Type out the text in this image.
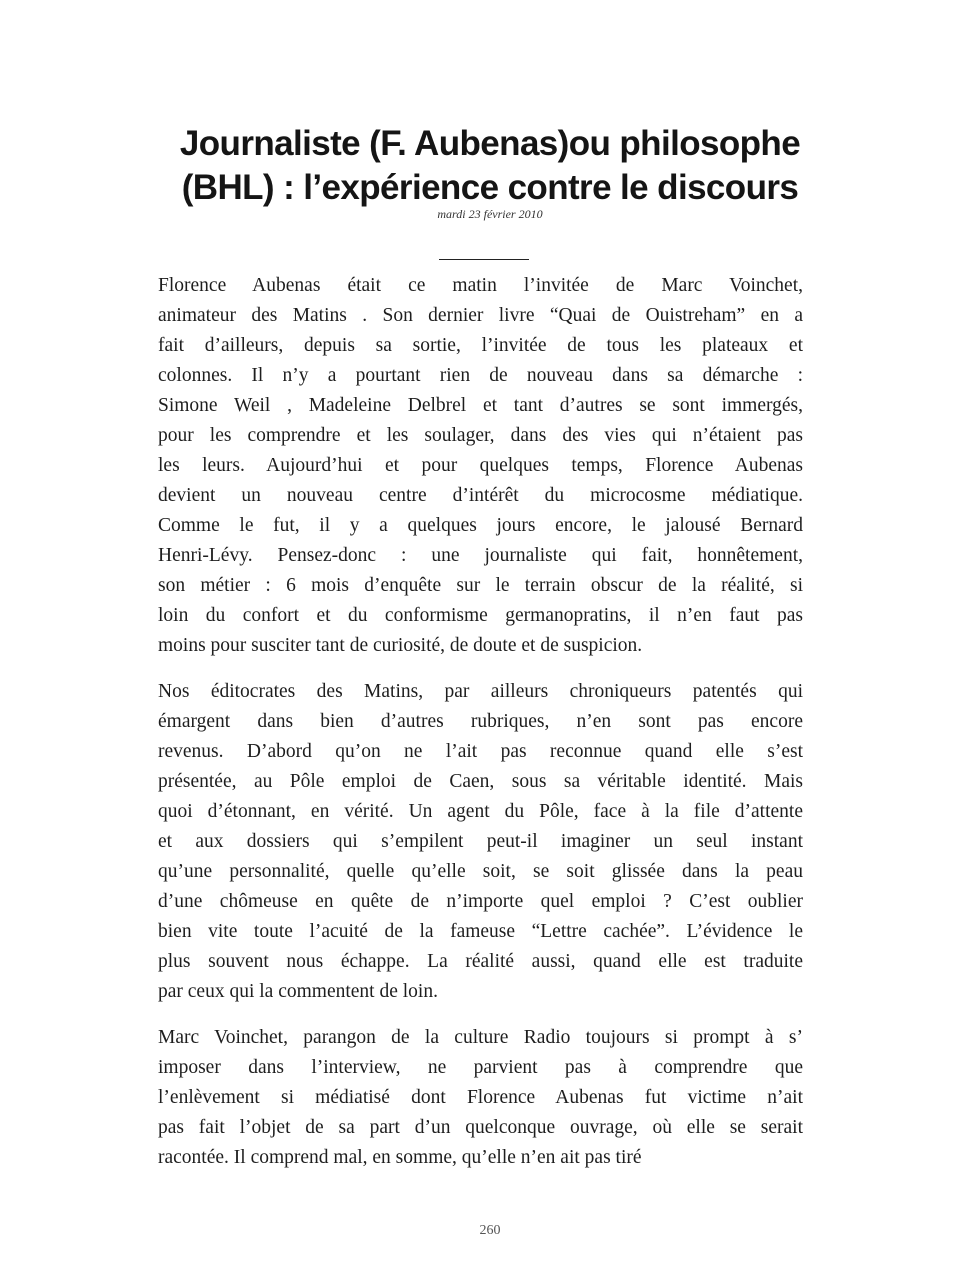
Journaliste (F. Aubenas)ou philosophe
(BHL) : l’expérience contre le discours
mardi 23 février 2010

Florence Aubenas était ce matin l’invitée de Marc Voinchet,
animateur des Matins . Son dernier livre “Quai de Ouistreham” en a
fait d’ailleurs, depuis sa sortie, l’invitée de tous les plateaux et
colonnes. Il n’y a pourtant rien de nouveau dans sa démarche :
Simone Weil , Madeleine Delbrel et tant d’autres se sont immergés,
pour les comprendre et les soulager, dans des vies qui n’étaient pas
les leurs. Aujourd’hui et pour quelques temps, Florence Aubenas
devient un nouveau centre d’intérêt du microcosme médiatique.
Comme le fut, il y a quelques jours encore, le jalousé Bernard
Henri-Lévy. Pensez-donc : une journaliste qui fait, honnêtement,
son métier : 6 mois d’enquête sur le terrain obscur de la réalité, si
loin du confort et du conformisme germanopratins, il n’en faut pas
moins pour susciter tant de curiosité, de doute et de suspicion.

Nos éditocrates des Matins, par ailleurs chroniqueurs patentés qui
émargent dans bien d’autres rubriques, n’en sont pas encore
revenus. D’abord qu’on ne l’ait pas reconnue quand elle s’est
présentée, au Pôle emploi de Caen, sous sa véritable identité. Mais
quoi d’étonnant, en vérité. Un agent du Pôle, face à la file d’attente
et aux dossiers qui s’empilent peut-il imaginer un seul instant
qu’une personnalité, quelle qu’elle soit, se soit glissée dans la peau
d’une chômeuse en quête de n’importe quel emploi ? C’est oublier
bien vite toute l’acuité de la fameuse “Lettre cachée”. L’évidence le
plus souvent nous échappe. La réalité aussi, quand elle est traduite
par ceux qui la commentent de loin.

Marc Voinchet, parangon de la culture Radio toujours si prompt à s’
imposer dans l’interview, ne parvient pas à comprendre que
l’enlèvement si médiatisé dont Florence Aubenas fut victime n’ait
pas fait l’objet de sa part d’un quelconque ouvrage, où elle se serait
racontée. Il comprend mal, en somme, qu’elle n’en ait pas tiré

260
